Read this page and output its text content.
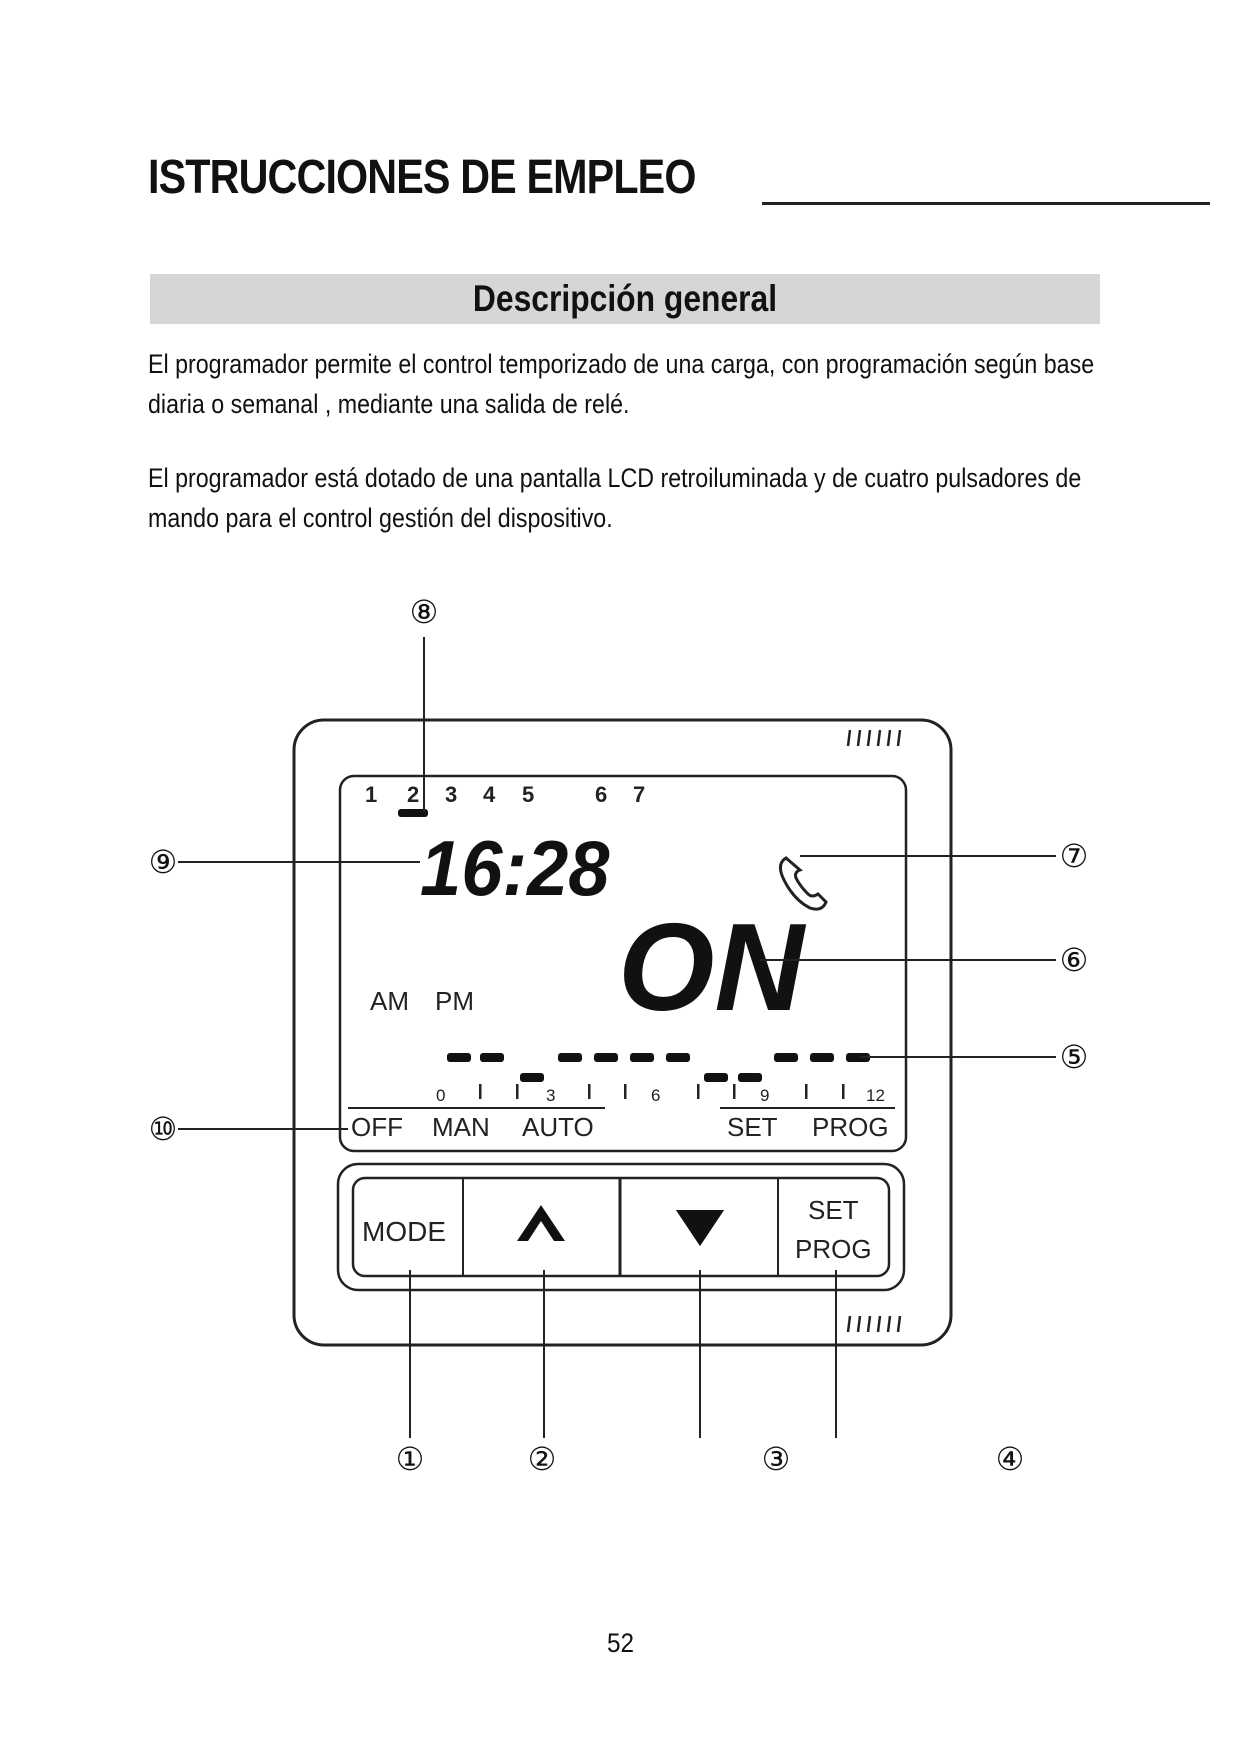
ISTRUCCIONES DE EMPLEO
Descripción general

El programador permite el control temporizado de una carga, con programación según base diaria o semanal , mediante una salida de relé.

El programador está dotado de una pantalla LCD retroiluminada y de cuatro pulsadores de mando para el control gestión del dispositivo.

1 2 3 4 5	6 7
16:28
ON
AM PM
0	3	6	9	12
OFF MAN AUTO	SET PROG
MODE
SET
PROG
①	②	③	④
⑤
⑥
⑦
⑧
⑨
⑩
52
